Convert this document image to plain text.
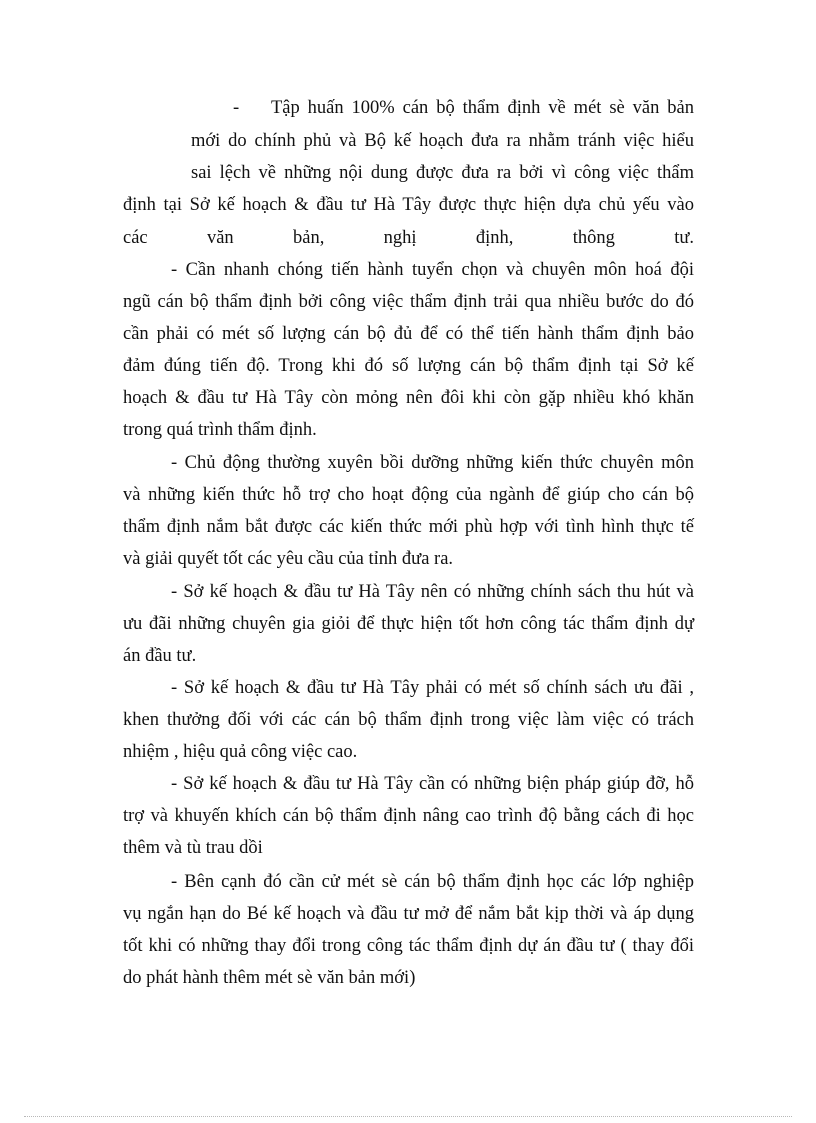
- Tập huấn 100% cán bộ thẩm định về mét sè văn bản
mới do chính phủ và Bộ kế hoạch đưa ra nhằm tránh việc hiểu
sai lệch về những nội dung được đưa ra bởi vì công việc thẩm
định tại Sở kế hoạch & đầu tư Hà Tây được thực hiện dựa chủ yếu vào
các văn bản, nghị định, thông tư.
- Cần nhanh chóng tiến hành tuyển chọn và chuyên môn hoá đội
ngũ cán bộ thẩm định bởi công việc thẩm định trải qua nhiều bước do đó
cần phải có mét số lượng cán bộ đủ để có thể tiến hành thẩm định bảo
đảm đúng tiến độ. Trong khi đó số lượng cán bộ thẩm định tại Sở kế
hoạch & đầu tư Hà Tây còn mỏng nên đôi khi còn gặp nhiều khó khăn
trong quá trình thẩm định.
- Chủ động thường xuyên bồi dưỡng những kiến thức chuyên môn
và những kiến thức hỗ trợ cho hoạt động của ngành để giúp cho cán bộ
thẩm định nắm bắt được các kiến thức mới phù hợp với tình hình thực tế
và giải quyết tốt các yêu cầu của tỉnh đưa ra.
- Sở kế hoạch & đầu tư Hà Tây nên có những chính sách thu hút và
ưu đãi những chuyên gia giỏi để thực hiện tốt hơn công tác thẩm định dự
án đầu tư.
- Sở kế hoạch & đầu tư Hà Tây phải có mét số chính sách ưu đãi ,
khen thưởng đối với các cán bộ thẩm định trong việc làm việc có trách
nhiệm , hiệu quả công việc cao.
- Sở kế hoạch & đầu tư Hà Tây cần có những biện pháp giúp đỡ, hỗ
trợ và khuyến khích cán bộ thẩm định nâng cao trình độ bằng cách đi học
thêm và tù trau dồi
- Bên cạnh đó cần cử mét sè cán bộ thẩm định học các lớp nghiệp
vụ ngắn hạn do Bé kế hoạch và đầu tư mở để nắm bắt kịp thời và áp dụng
tốt khi có những thay đổi trong công tác thẩm định dự án đầu tư ( thay đổi
do phát hành thêm mét sè văn bản mới)
